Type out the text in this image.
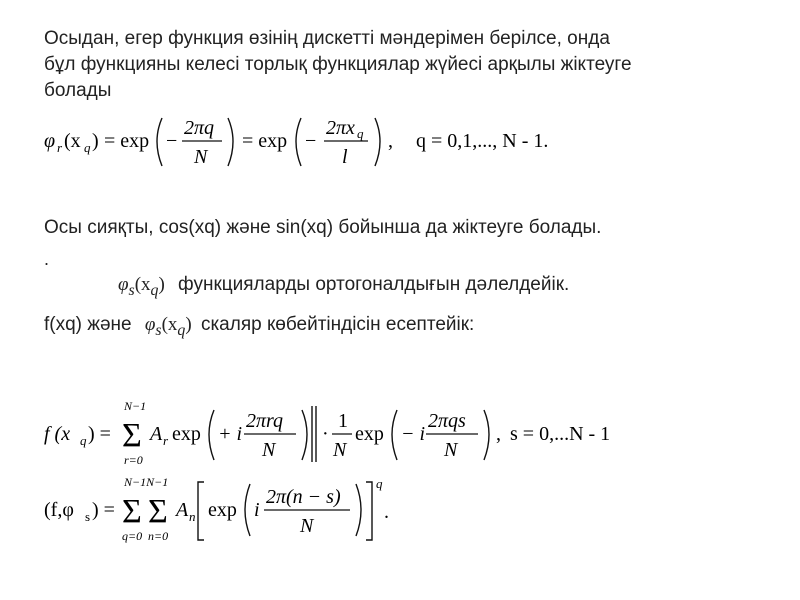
Осыдан, егер функция өзінің дискетті мәндерімен берілсе, онда
бұл функцияны келесі торлық функциялар жүйесі арқылы жіктеуге
болады
φ r (x q ) = exp −
2πq
N
= exp −
2πx q
l
, q = 0,1,..., N - 1.
Осы сияқты, cos(xq) және sin(xq) бойынша да жіктеуге болады.
.
$\varphi_s(x_q)$ функцияларды ортогоналдығын дәлелдейік.
f(xq) және $\varphi_s(x_q)$ скаляр көбейтіндісін есептейік:
f (x q ) =
N−1
Σ
r=0
A r exp + i
2πrq
N
·
1
N
exp − i
2πqs
N
, s = 0,...N - 1
(f,φ s ) =
N−1N−1
Σ Σ
q=0 n=0
A n exp i
2π(n − s)
N
q
.
